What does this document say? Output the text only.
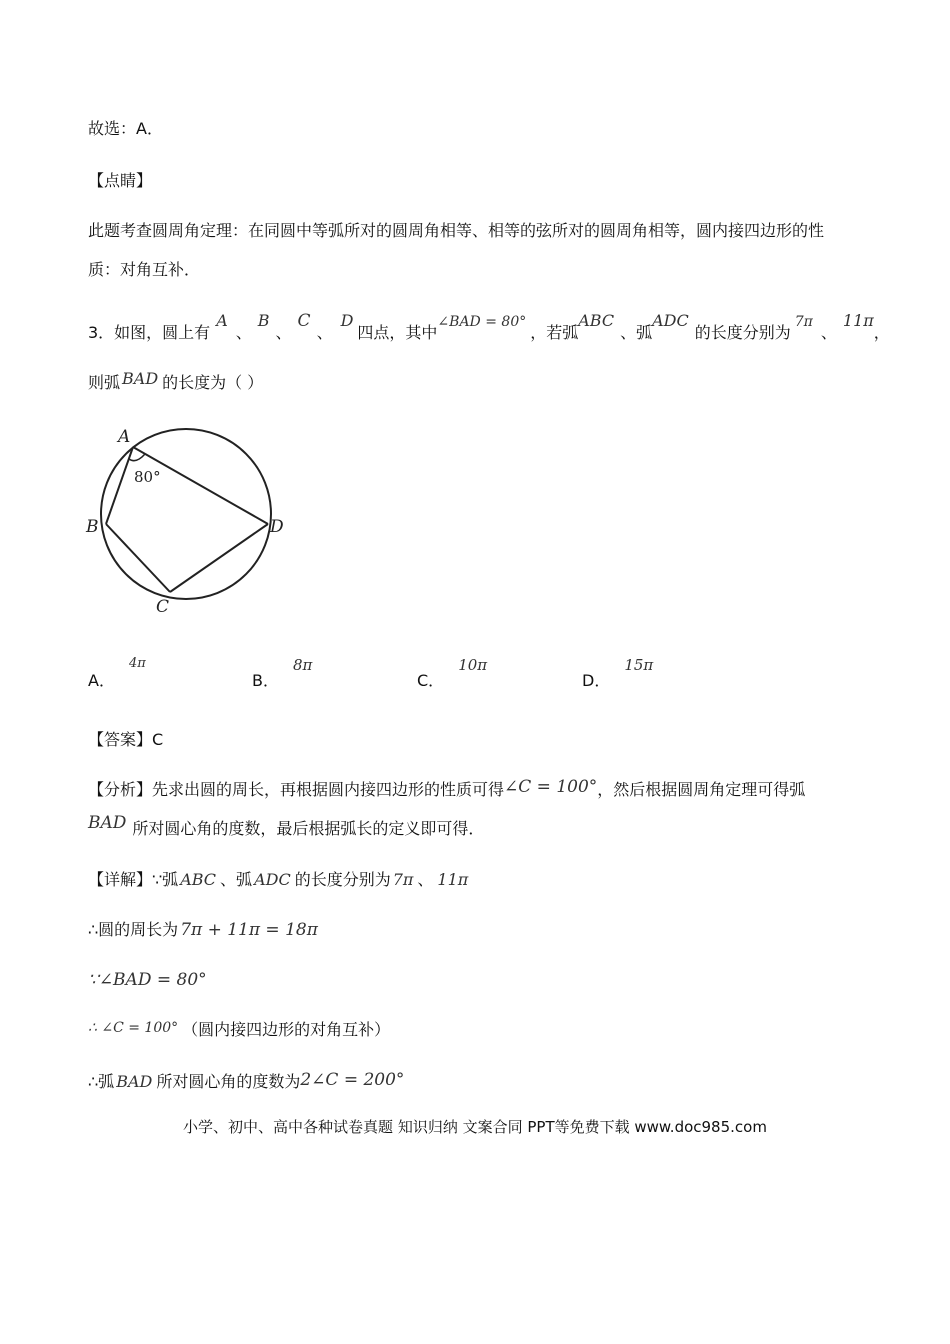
故选：A．
【点睛】
此题考查圆周角定理：在同圆中等弧所对的圆周角相等、相等的弦所对的圆周角相等，圆内接四边形的性
质：对角互补．
3．如图，圆上有A、B、C、D四点，其中∠BAD = 80°，若弧ABC、弧ADC的长度分别为7π、11π，
则弧 BAD 的长度为（ ）
A
B
C
D
80°
A．4π
B．8π
C．10π
D．15π
【答案】C
【分析】先求出圆的周长，再根据圆内接四边形的性质可得∠C = 100°，然后根据圆周角定理可得弧
BAD 所对圆心角的度数，最后根据弧长的定义即可得．
【详解】∵弧 ABC 、弧 ADC 的长度分别为 7π 、 11π
∴圆的周长为 7π + 11π = 18π
∵∠BAD = 80°
∴ ∠C = 100° （圆内接四边形的对角互补）
∴弧 BAD 所对圆心角的度数为2∠C = 200°
小学、初中、高中各种试卷真题 知识归纳 文案合同 PPT等免费下载 www.doc985.com
